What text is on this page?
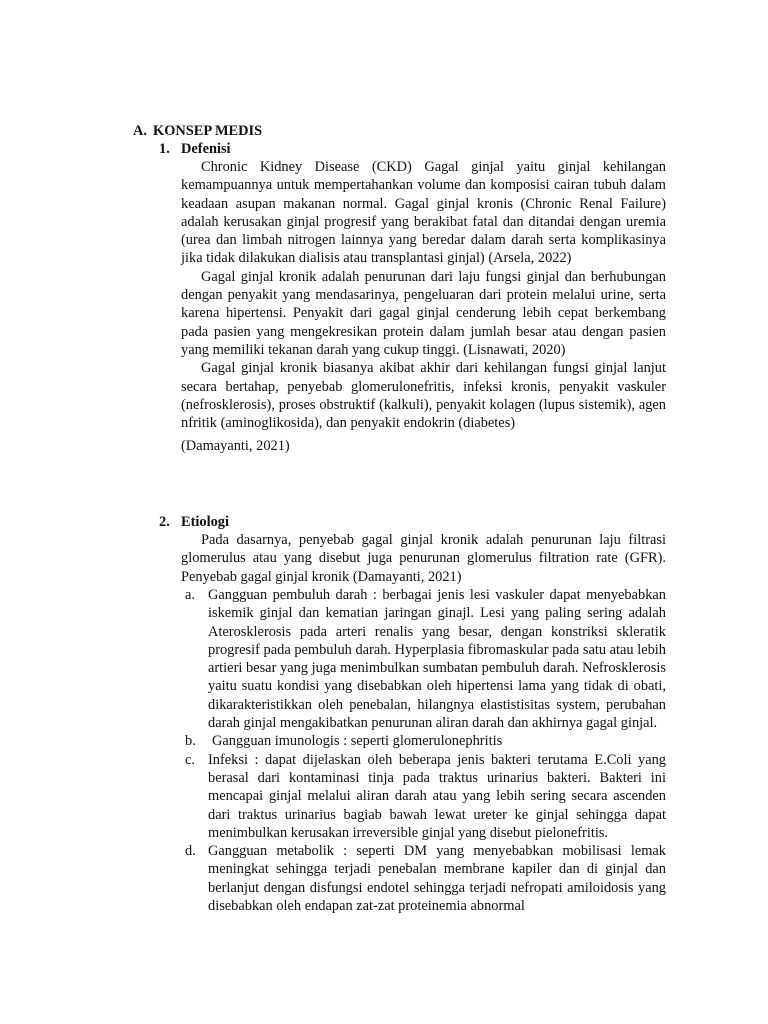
A. KONSEP MEDIS
1. Defenisi

Chronic Kidney Disease (CKD) Gagal ginjal yaitu ginjal kehilangan kemampuannya untuk mempertahankan volume dan komposisi cairan tubuh dalam keadaan asupan makanan normal. Gagal ginjal kronis (Chronic Renal Failure) adalah kerusakan ginjal progresif yang berakibat fatal dan ditandai dengan uremia (urea dan limbah nitrogen lainnya yang beredar dalam darah serta komplikasinya jika tidak dilakukan dialisis atau transplantasi ginjal) (Arsela, 2022)

Gagal ginjal kronik adalah penurunan dari laju fungsi ginjal dan berhubungan dengan penyakit yang mendasarinya, pengeluaran dari protein melalui urine, serta karena hipertensi. Penyakit dari gagal ginjal cenderung lebih cepat berkembang pada pasien yang mengekresikan protein dalam jumlah besar atau dengan pasien yang memiliki tekanan darah yang cukup tinggi. (Lisnawati, 2020)

Gagal ginjal kronik biasanya akibat akhir dari kehilangan fungsi ginjal lanjut secara bertahap, penyebab glomerulonefritis, infeksi kronis, penyakit vaskuler (nefrosklerosis), proses obstruktif (kalkuli), penyakit kolagen (lupus sistemik), agen nfritik (aminoglikosida), dan penyakit endokrin (diabetes)

(Damayanti, 2021)

2. Etiologi

Pada dasarnya, penyebab gagal ginjal kronik adalah penurunan laju filtrasi glomerulus atau yang disebut juga penurunan glomerulus filtration rate (GFR). Penyebab gagal ginjal kronik (Damayanti, 2021)

a. Gangguan pembuluh darah : berbagai jenis lesi vaskuler dapat menyebabkan iskemik ginjal dan kematian jaringan ginajl. Lesi yang paling sering adalah Aterosklerosis pada arteri renalis yang besar, dengan konstriksi skleratik progresif pada pembuluh darah. Hyperplasia fibromaskular pada satu atau lebih artieri besar yang juga menimbulkan sumbatan pembuluh darah. Nefrosklerosis yaitu suatu kondisi yang disebabkan oleh hipertensi lama yang tidak di obati, dikarakteristikkan oleh penebalan, hilangnya elastistisitas system, perubahan darah ginjal mengakibatkan penurunan aliran darah dan akhirnya gagal ginjal.
b. Gangguan imunologis : seperti glomerulonephritis
c. Infeksi : dapat dijelaskan oleh beberapa jenis bakteri terutama E.Coli yang berasal dari kontaminasi tinja pada traktus urinarius bakteri. Bakteri ini mencapai ginjal melalui aliran darah atau yang lebih sering secara ascenden dari traktus urinarius bagiab bawah lewat ureter ke ginjal sehingga dapat menimbulkan kerusakan irreversible ginjal yang disebut pielonefritis.
d. Gangguan metabolik : seperti DM yang menyebabkan mobilisasi lemak meningkat sehingga terjadi penebalan membrane kapiler dan di ginjal dan berlanjut dengan disfungsi endotel sehingga terjadi nefropati amiloidosis yang disebabkan oleh endapan zat-zat proteinemia abnormal
